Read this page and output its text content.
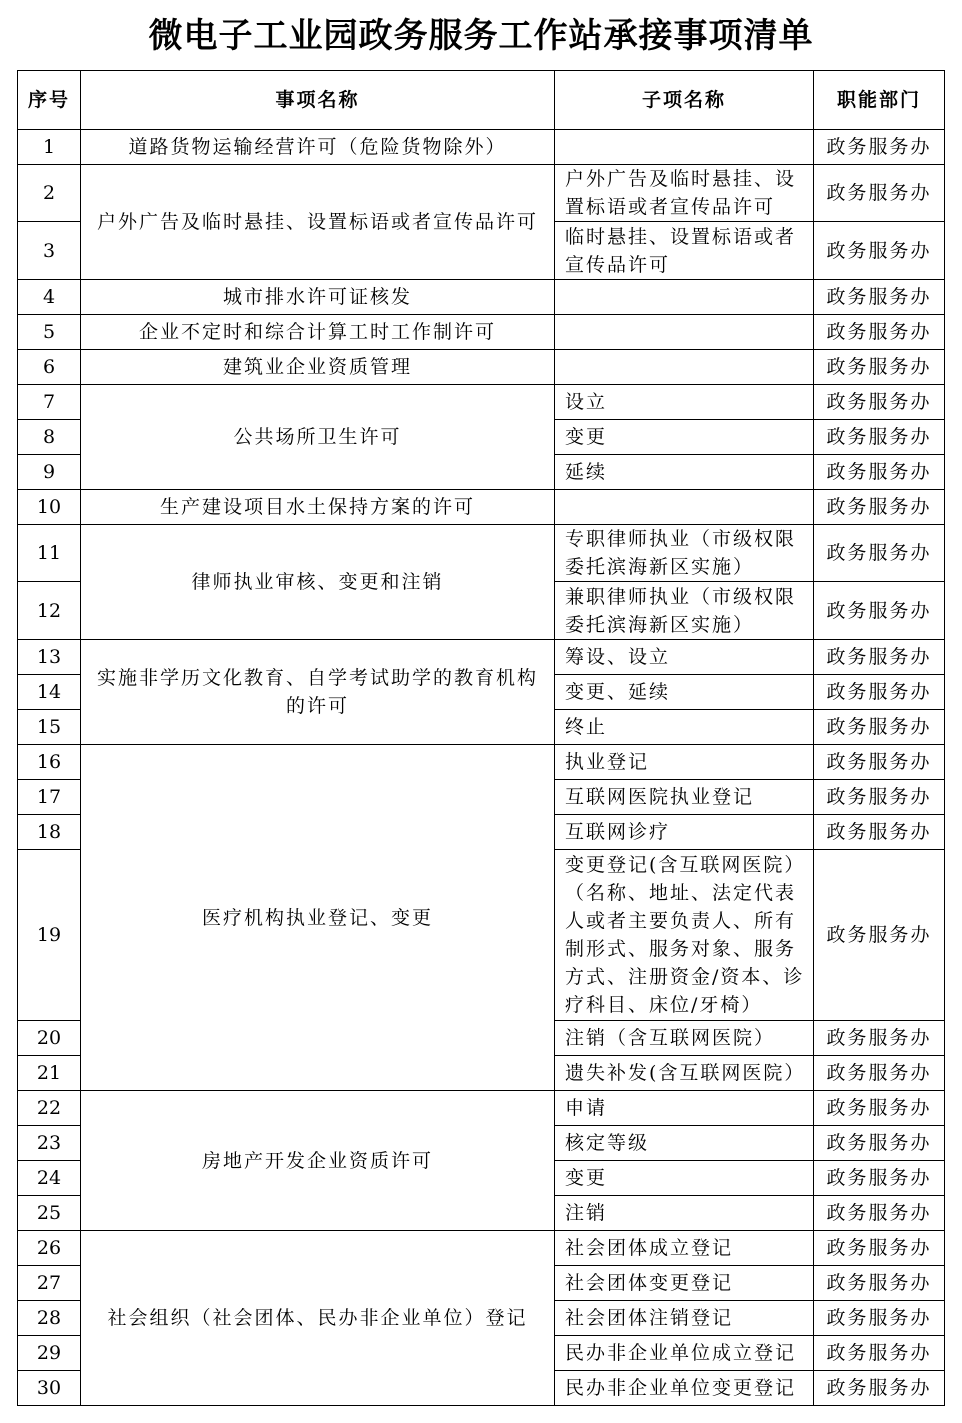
微电子工业园政务服务工作站承接事项清单
序号	事项名称	子项名称	职能部门
1	道路货物运输经营许可（危险货物除外）		政务服务办
2	户外广告及临时悬挂、设置标语或者宣传品许可	户外广告及临时悬挂、设置标语或者宣传品许可	政务服务办
3		临时悬挂、设置标语或者宣传品许可	政务服务办
4	城市排水许可证核发		政务服务办
5	企业不定时和综合计算工时工作制许可		政务服务办
6	建筑业企业资质管理		政务服务办
7	公共场所卫生许可	设立	政务服务办
8		变更	政务服务办
9		延续	政务服务办
10	生产建设项目水土保持方案的许可		政务服务办
11	律师执业审核、变更和注销	专职律师执业（市级权限委托滨海新区实施）	政务服务办
12		兼职律师执业（市级权限委托滨海新区实施）	政务服务办
13	实施非学历文化教育、自学考试助学的教育机构的许可	筹设、设立	政务服务办
14		变更、延续	政务服务办
15		终止	政务服务办
16	医疗机构执业登记、变更	执业登记	政务服务办
17		互联网医院执业登记	政务服务办
18		互联网诊疗	政务服务办
19		变更登记(含互联网医院）（名称、地址、法定代表人或者主要负责人、所有制形式、服务对象、服务方式、注册资金/资本、诊疗科目、床位/牙椅）	政务服务办
20		注销（含互联网医院）	政务服务办
21		遗失补发(含互联网医院）	政务服务办
22	房地产开发企业资质许可	申请	政务服务办
23		核定等级	政务服务办
24		变更	政务服务办
25		注销	政务服务办
26	社会组织（社会团体、民办非企业单位）登记	社会团体成立登记	政务服务办
27		社会团体变更登记	政务服务办
28		社会团体注销登记	政务服务办
29		民办非企业单位成立登记	政务服务办
30		民办非企业单位变更登记	政务服务办
